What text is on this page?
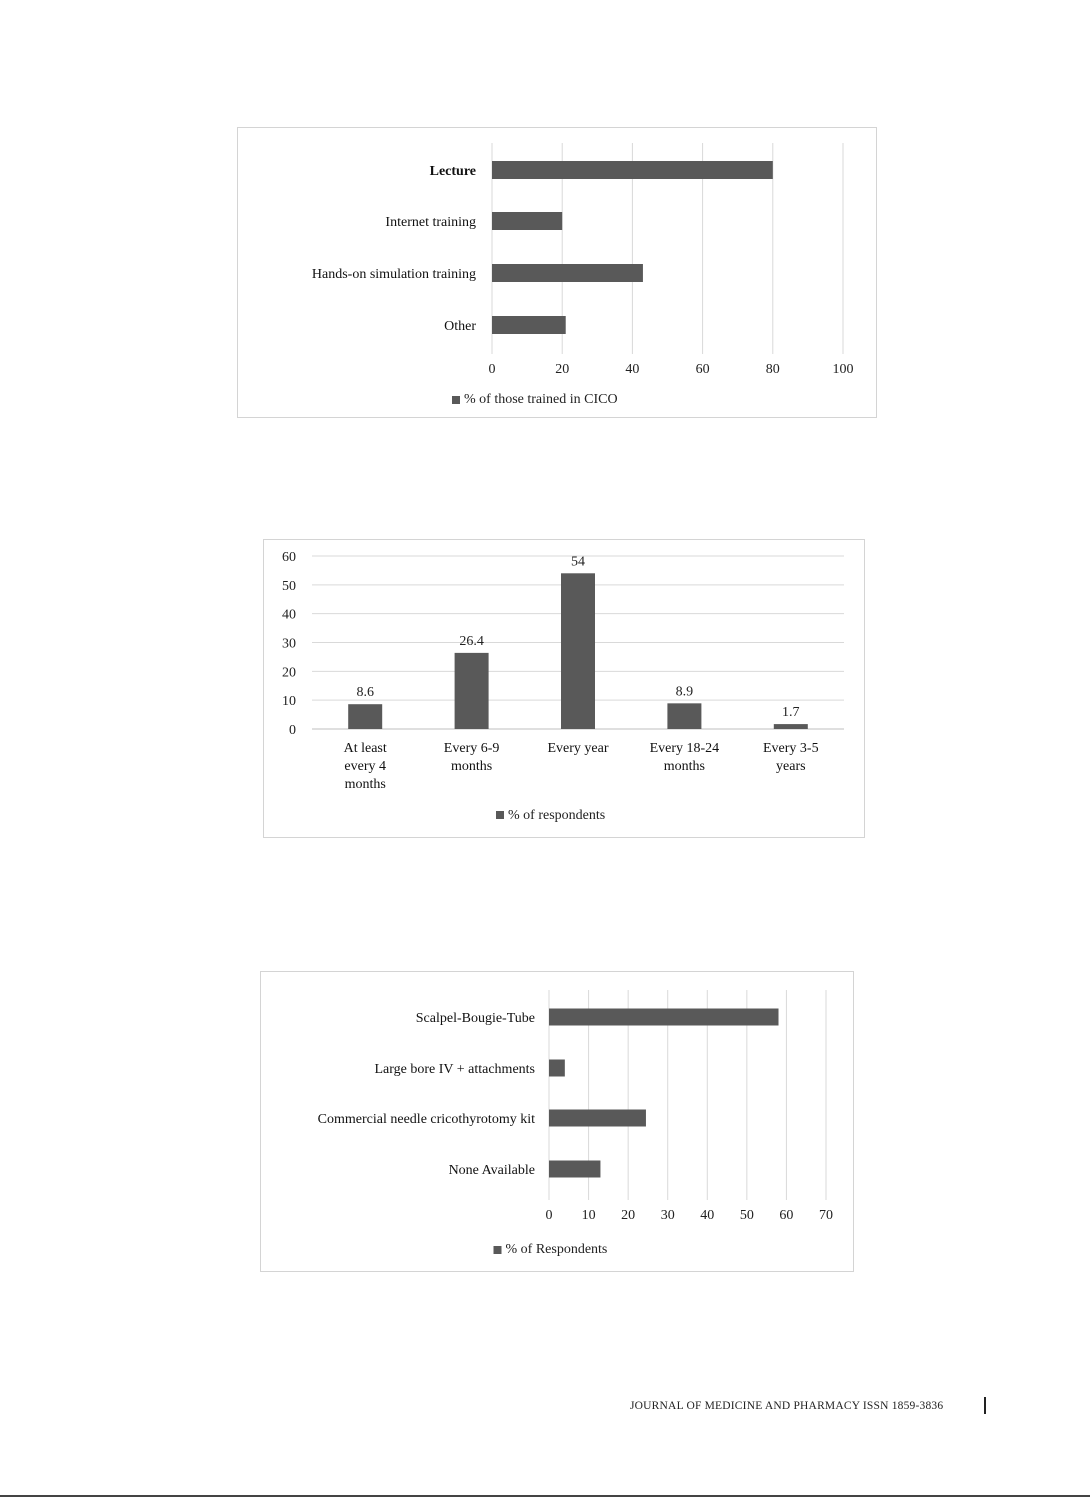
0	20	40	60	80	100
Lecture
Internet training
Hands-on simulation training
Other
% of those trained in CICO
0
10
20
30
40
50
60
8.6
At least
every 4
months
26.4
Every 6-9
months
54
Every year
8.9
Every 18-24
months
1.7
Every 3-5
years
% of respondents
0 10 20 30 40 50 60 70
Scalpel-Bougie-Tube
Large bore IV + attachments
Commercial needle cricothyrotomy kit
None Available
% of Respondents
JOURNAL OF MEDICINE AND PHARMACY ISSN 1859-3836
